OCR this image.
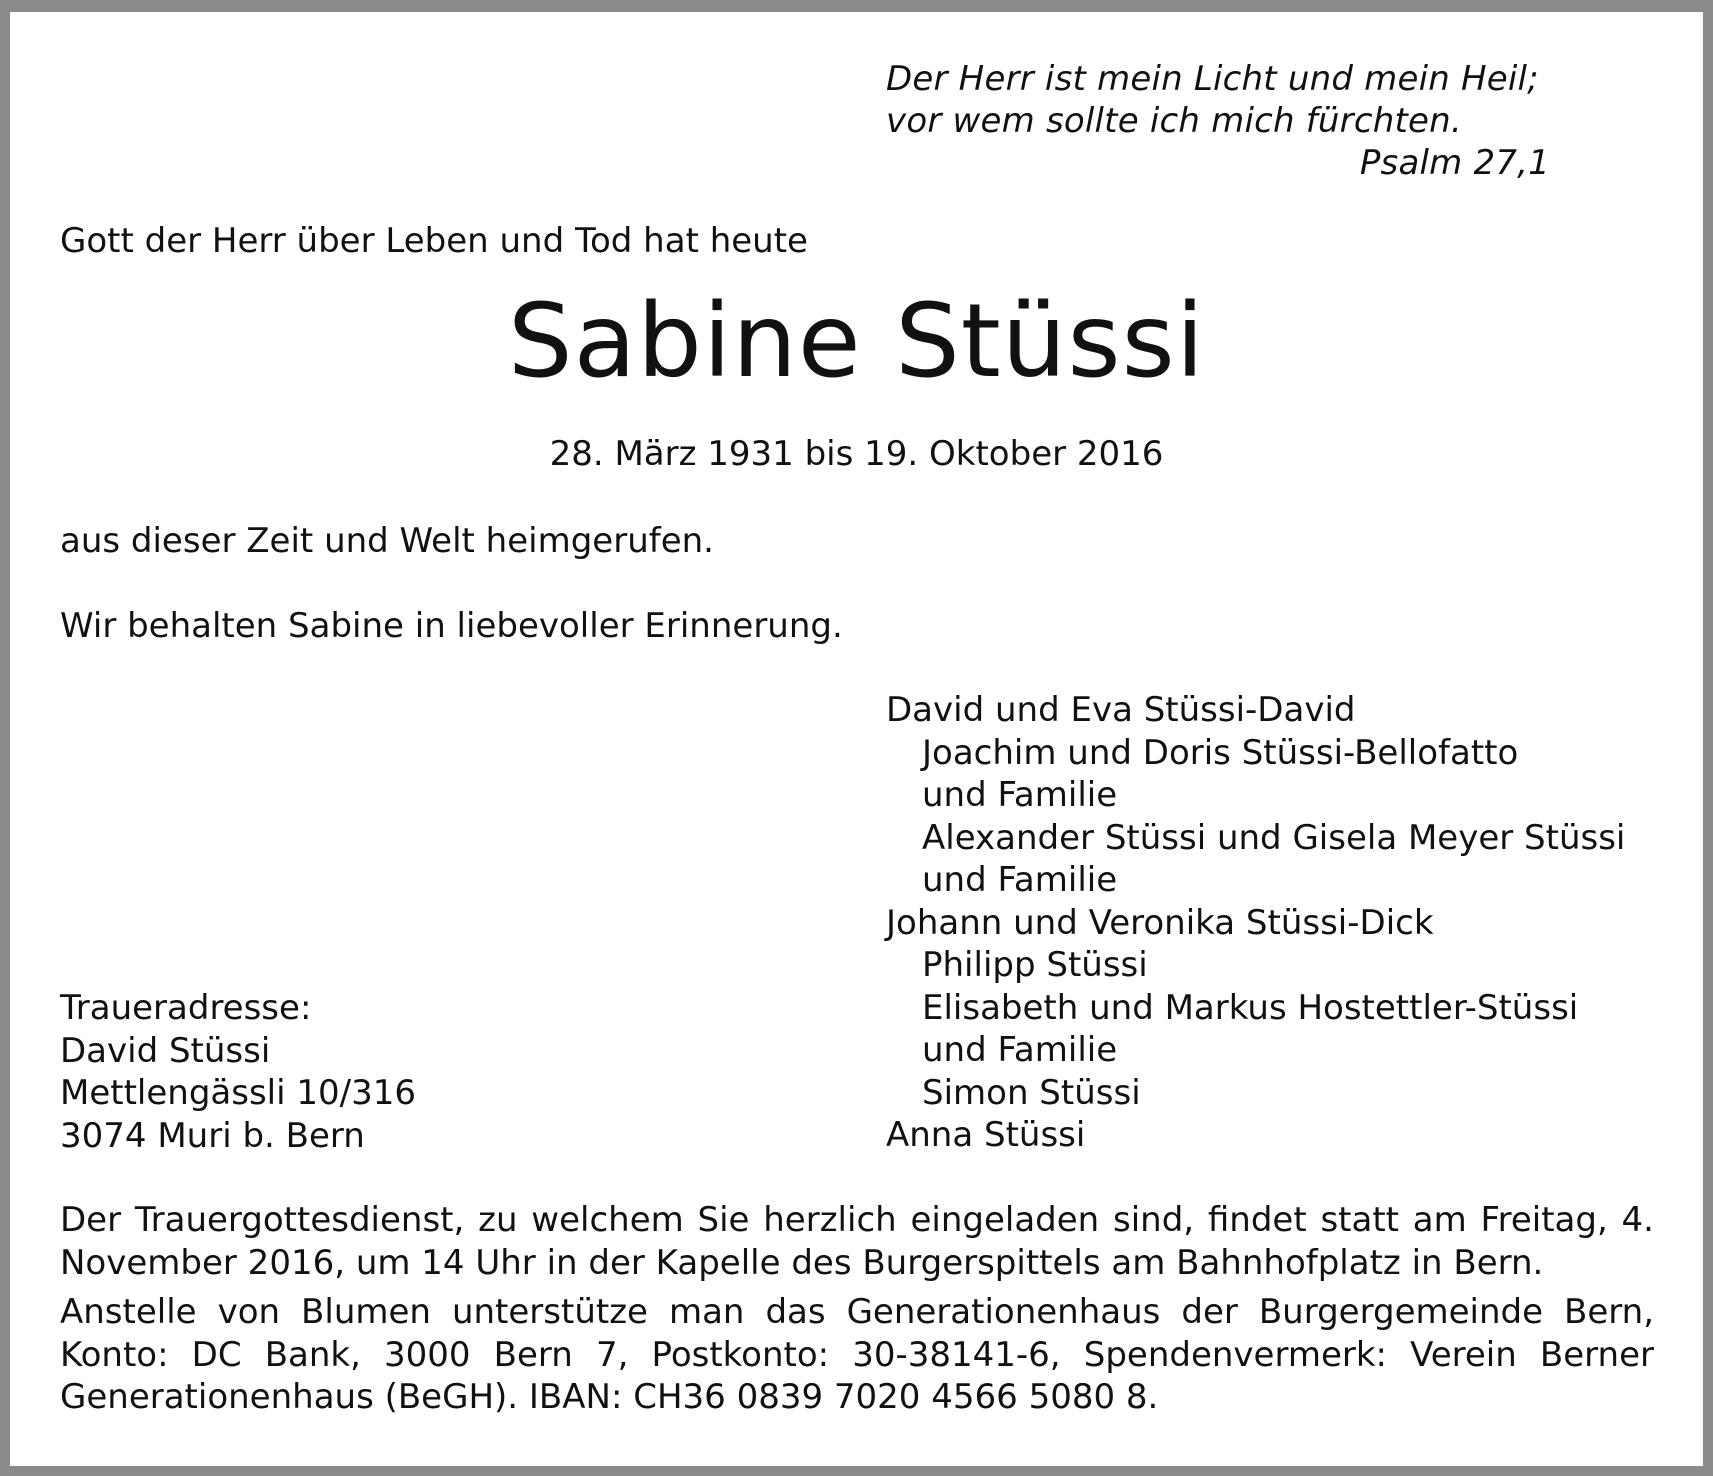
Der Herr ist mein Licht und mein Heil;
vor wem sollte ich mich fürchten.
Psalm 27,1
Gott der Herr über Leben und Tod hat heute
Sabine Stüssi
28. März 1931 bis 19. Oktober 2016
aus dieser Zeit und Welt heimgerufen.
Wir behalten Sabine in liebevoller Erinnerung.
David und Eva Stüssi-David
Joachim und Doris Stüssi-Bellofatto
und Familie
Alexander Stüssi und Gisela Meyer Stüssi
und Familie
Johann und Veronika Stüssi-Dick
Philipp Stüssi
Elisabeth und Markus Hostettler-Stüssi
und Familie
Simon Stüssi
Anna Stüssi
Traueradresse:
David Stüssi
Mettlengässli 10/316
3074 Muri b. Bern
Der Trauergottesdienst, zu welchem Sie herzlich eingeladen sind, findet statt am Freitag, 4. November 2016, um 14 Uhr in der Kapelle des Burgerspittels am Bahnhofplatz in Bern.
Anstelle von Blumen unterstütze man das Generationenhaus der Burgergemeinde Bern, Konto: DC Bank, 3000 Bern 7, Postkonto: 30-38141-6, Spendenvermerk: Verein Berner Generationenhaus (BeGH). IBAN: CH36 0839 7020 4566 5080 8.
